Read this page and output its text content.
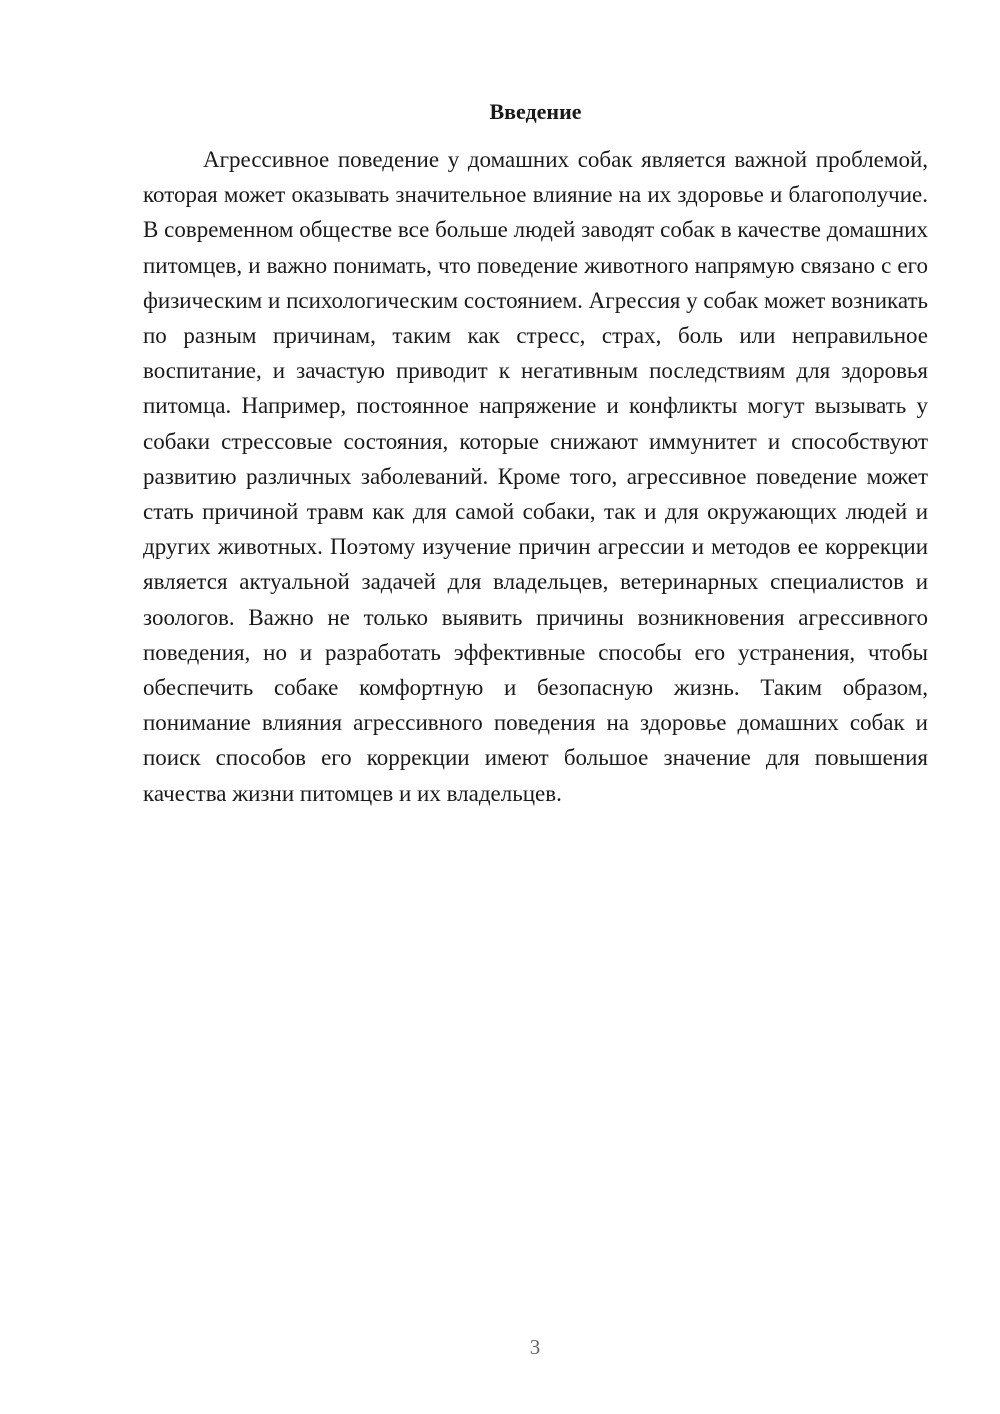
Введение

Агрессивное поведение у домашних собак является важной проблемой, которая может оказывать значительное влияние на их здоровье и благополучие. В современном обществе все больше людей заводят собак в качестве домашних питомцев, и важно понимать, что поведение животного напрямую связано с его физическим и психологическим состоянием. Агрессия у собак может возникать по разным причинам, таким как стресс, страх, боль или неправильное воспитание, и зачастую приводит к негативным последствиям для здоровья питомца. Например, постоянное напряжение и конфликты могут вызывать у собаки стрессовые состояния, которые снижают иммунитет и способствуют развитию различных заболеваний. Кроме того, агрессивное поведение может стать причиной травм как для самой собаки, так и для окружающих людей и других животных. Поэтому изучение причин агрессии и методов ее коррекции является актуальной задачей для владельцев, ветеринарных специалистов и зоологов. Важно не только выявить причины возникновения агрессивного поведения, но и разработать эффективные способы его устранения, чтобы обеспечить собаке комфортную и безопасную жизнь. Таким образом, понимание влияния агрессивного поведения на здоровье домашних собак и поиск способов его коррекции имеют большое значение для повышения качества жизни питомцев и их владельцев.

3
